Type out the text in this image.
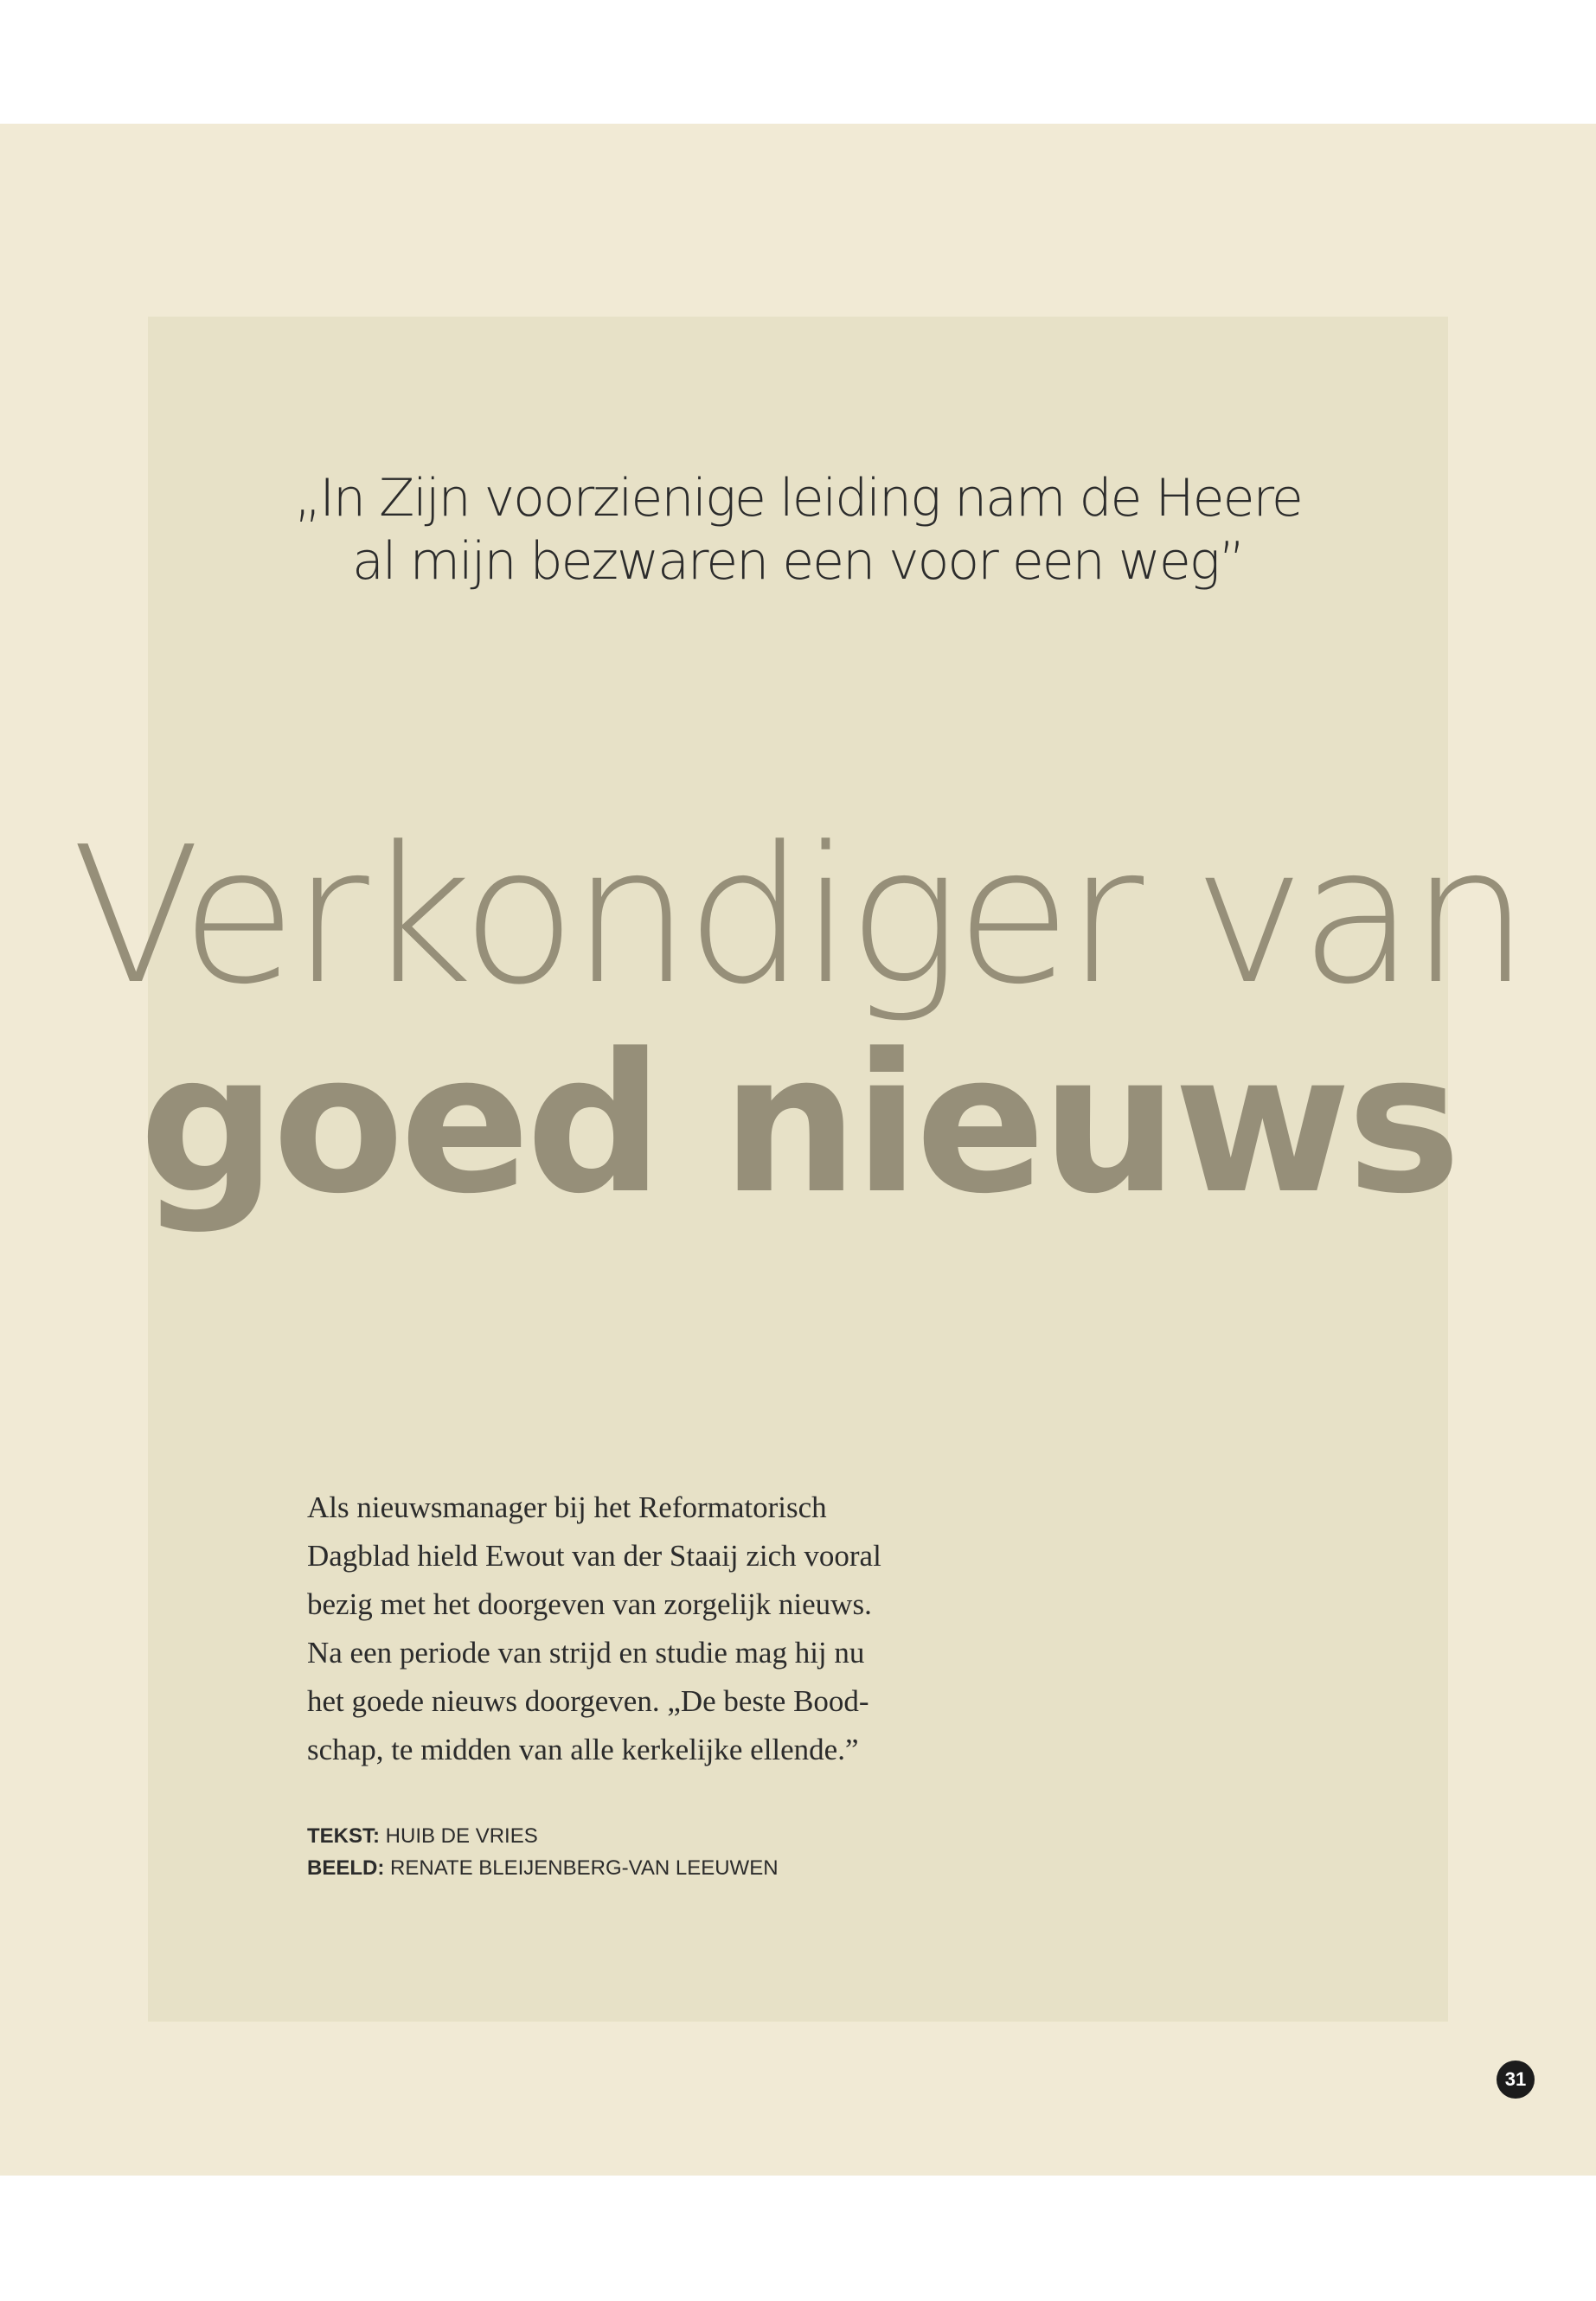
„In Zijn voorzienige leiding nam de Heere
al mijn bezwaren een voor een weg”
Verkondiger van
goed nieuws
Als nieuwsmanager bij het Reformatorisch
Dagblad hield Ewout van der Staaij zich vooral
bezig met het doorgeven van zorgelijk nieuws.
Na een periode van strijd en studie mag hij nu
het goede nieuws doorgeven. „De beste Bood-
schap, te midden van alle kerkelijke ellende.”
TEKST: HUIB DE VRIES
BEELD: RENATE BLEIJENBERG-VAN LEEUWEN
31
